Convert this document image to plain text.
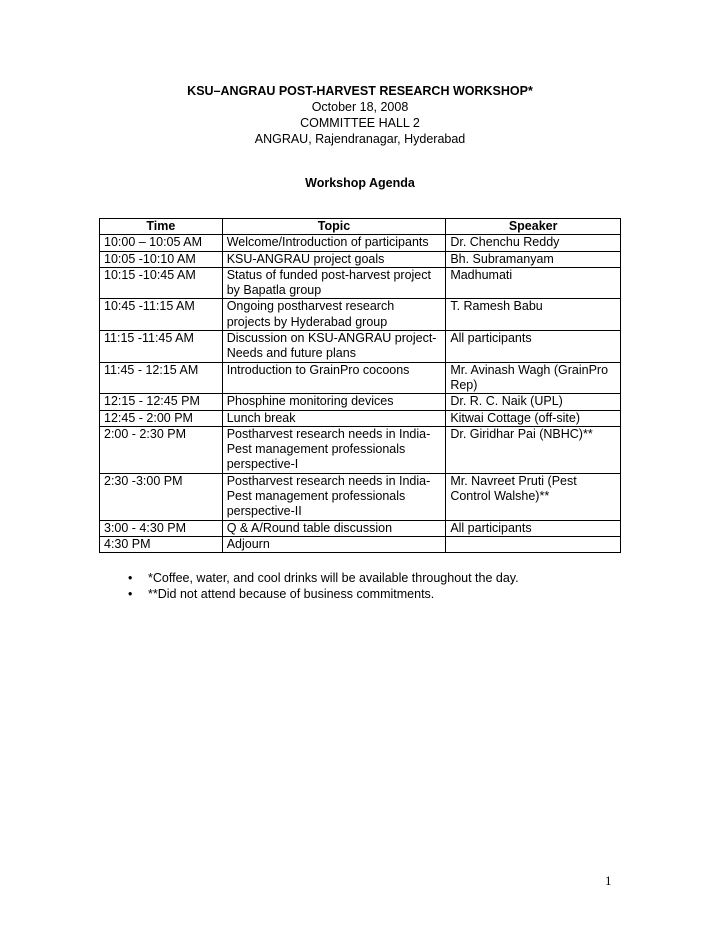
KSU–ANGRAU POST-HARVEST RESEARCH WORKSHOP*
October 18, 2008
COMMITTEE HALL 2
ANGRAU, Rajendranagar, Hyderabad
Workshop Agenda
Time	Topic	Speaker
10:00 – 10:05 AM	Welcome/Introduction of participants	Dr. Chenchu Reddy
10:05 -10:10 AM	KSU-ANGRAU project goals	Bh. Subramanyam
10:15 -10:45 AM	Status of funded post-harvest project by Bapatla group	Madhumati
10:45 -11:15 AM	Ongoing postharvest research projects by Hyderabad group	T. Ramesh Babu
11:15 -11:45 AM	Discussion on KSU-ANGRAU project-Needs and future plans	All participants
11:45 - 12:15 AM	Introduction to GrainPro cocoons	Mr. Avinash Wagh (GrainPro Rep)
12:15 - 12:45 PM	Phosphine monitoring devices	Dr. R. C. Naik (UPL)
12:45 - 2:00 PM	Lunch break	Kitwai Cottage (off-site)
2:00 - 2:30 PM	Postharvest research needs in India-Pest management professionals perspective-I	Dr. Giridhar Pai (NBHC)**
2:30 -3:00 PM	Postharvest research needs in India-Pest management professionals perspective-II	Mr. Navreet Pruti (Pest Control Walshe)**
3:00 - 4:30 PM	Q & A/Round table discussion	All participants
4:30 PM	Adjourn	
• *Coffee, water, and cool drinks will be available throughout the day.
• **Did not attend because of business commitments.
1
